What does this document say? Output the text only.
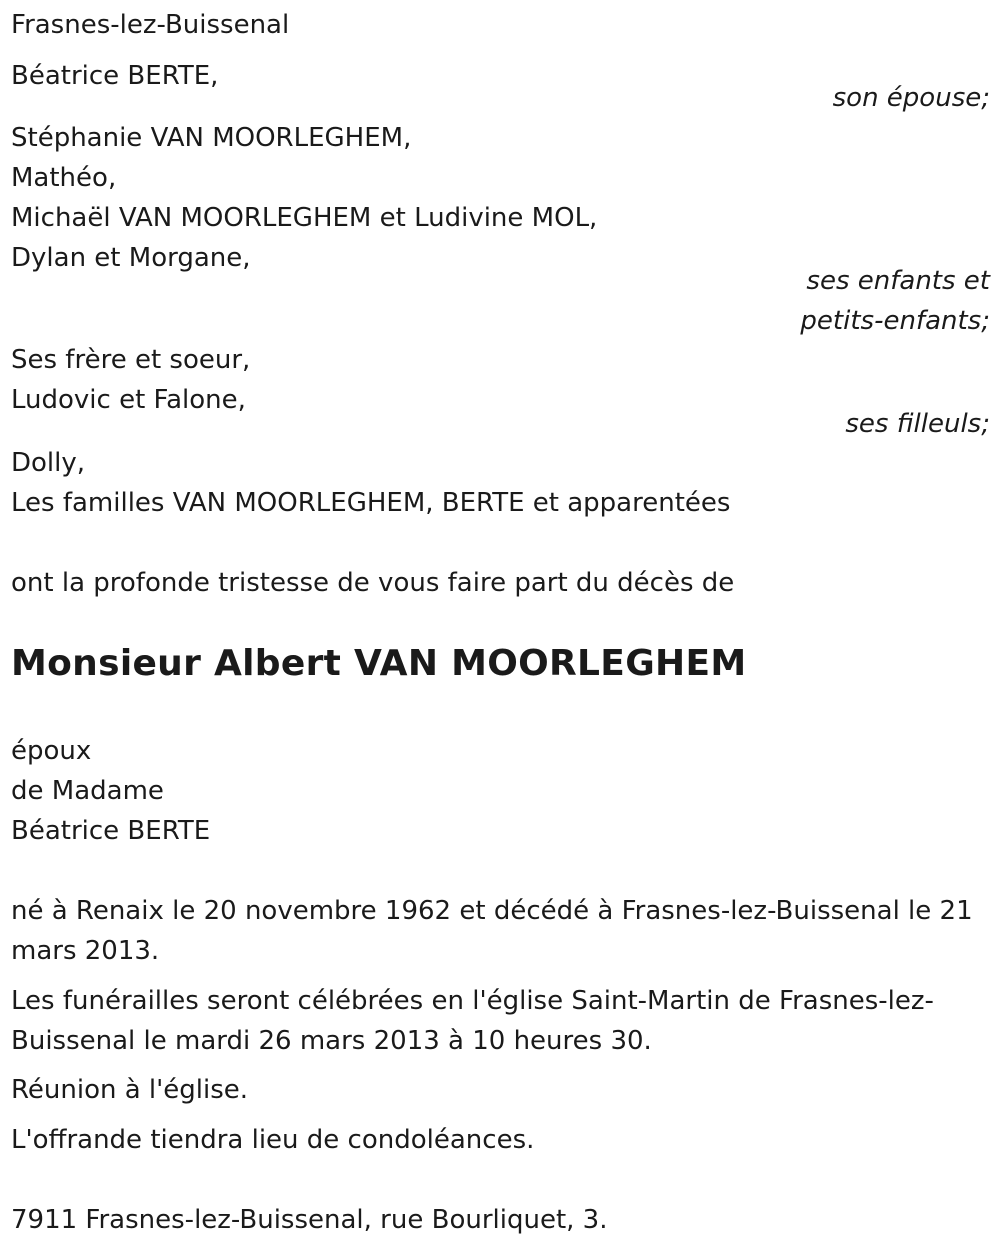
Frasnes-lez-Buissenal
Béatrice BERTE,
son épouse;
Stéphanie VAN MOORLEGHEM,
Mathéo,
Michaël VAN MOORLEGHEM et Ludivine MOL,
Dylan et Morgane,
ses enfants et
petits-enfants;
Ses frère et soeur,
Ludovic et Falone,
ses filleuls;
Dolly,
Les familles VAN MOORLEGHEM, BERTE et apparentées
ont la profonde tristesse de vous faire part du décès de
Monsieur Albert VAN MOORLEGHEM
époux
de Madame
Béatrice BERTE
né à Renaix le 20 novembre 1962 et décédé à Frasnes-lez-Buissenal le 21 mars 2013.
Les funérailles seront célébrées en l'église Saint-Martin de Frasnes-lez-Buissenal le mardi 26 mars 2013 à 10 heures 30.
Réunion à l'église.
L'offrande tiendra lieu de condoléances.
7911 Frasnes-lez-Buissenal, rue Bourliquet, 3.
